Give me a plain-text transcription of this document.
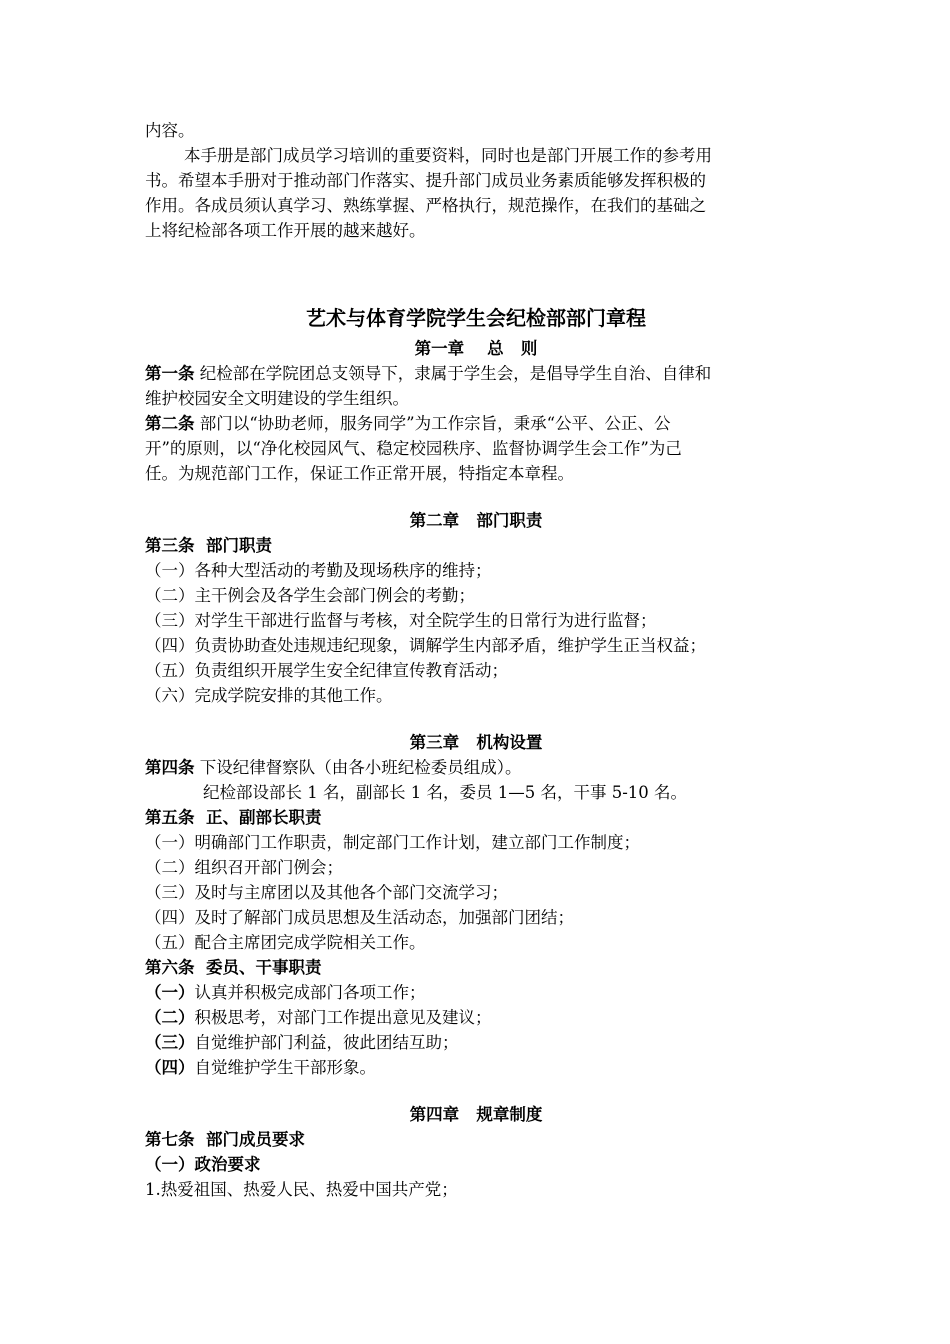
内容。

本手册是部门成员学习培训的重要资料，同时也是部门开展工作的参考用

书。希望本手册对于推动部门作落实、提升部门成员业务素质能够发挥积极的

作用。各成员须认真学习、熟练掌握、严格执行，规范操作，在我们的基础之

上将纪检部各项工作开展的越来越好。

艺术与体育学院学生会纪检部部门章程
第一章    总   则

第一条 纪检部在学院团总支领导下，隶属于学生会，是倡导学生自治、自律和

维护校园安全文明建设的学生组织。

第二条 部门以“协助老师，服务同学”为工作宗旨，秉承“公平、公正、公

开”的原则，以“净化校园风气、稳定校园秩序、监督协调学生会工作”为己

任。为规范部门工作，保证工作正常开展，特指定本章程。

第二章   部门职责

第三条  部门职责

（一）各种大型活动的考勤及现场秩序的维持；

（二）主干例会及各学生会部门例会的考勤；

（三）对学生干部进行监督与考核，对全院学生的日常行为进行监督；

（四）负责协助查处违规违纪现象，调解学生内部矛盾，维护学生正当权益；

（五）负责组织开展学生安全纪律宣传教育活动；

（六）完成学院安排的其他工作。

第三章   机构设置

第四条 下设纪律督察队（由各小班纪检委员组成）。

纪检部设部长 1 名，副部长 1 名，委员 1—5 名，干事 5-10 名。

第五条  正、副部长职责

（一）明确部门工作职责，制定部门工作计划，建立部门工作制度；

（二）组织召开部门例会；

（三）及时与主席团以及其他各个部门交流学习；

（四）及时了解部门成员思想及生活动态，加强部门团结；

（五）配合主席团完成学院相关工作。

第六条  委员、干事职责

（一）认真并积极完成部门各项工作；

（二）积极思考，对部门工作提出意见及建议；

（三）自觉维护部门利益，彼此团结互助；

（四）自觉维护学生干部形象。

第四章   规章制度

第七条  部门成员要求

（一）政治要求

1.热爱祖国、热爱人民、热爱中国共产党；
